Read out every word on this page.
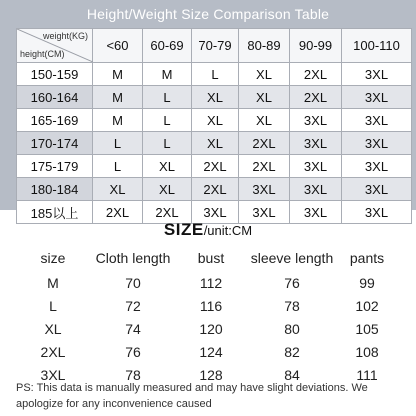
Height/Weight Size Comparison Table
weight(KG)
height(CM)	<60	60-69	70-79	80-89	90-99	100-110
150-159	M	M	L	XL	2XL	3XL
160-164	M	L	XL	XL	2XL	3XL
165-169	M	L	XL	XL	3XL	3XL
170-174	L	L	XL	2XL	3XL	3XL
175-179	L	XL	2XL	2XL	3XL	3XL
180-184	XL	XL	2XL	3XL	3XL	3XL
185以上	2XL	2XL	3XL	3XL	3XL	3XL
SIZE/unit:CM
size	Cloth length	bust	sleeve length	pants
M	70	112	76	99
L	72	116	78	102
XL	74	120	80	105
2XL	76	124	82	108
3XL	78	128	84	111
PS: This data is manually measured and may have slight deviations. We apologize for any inconvenience caused
